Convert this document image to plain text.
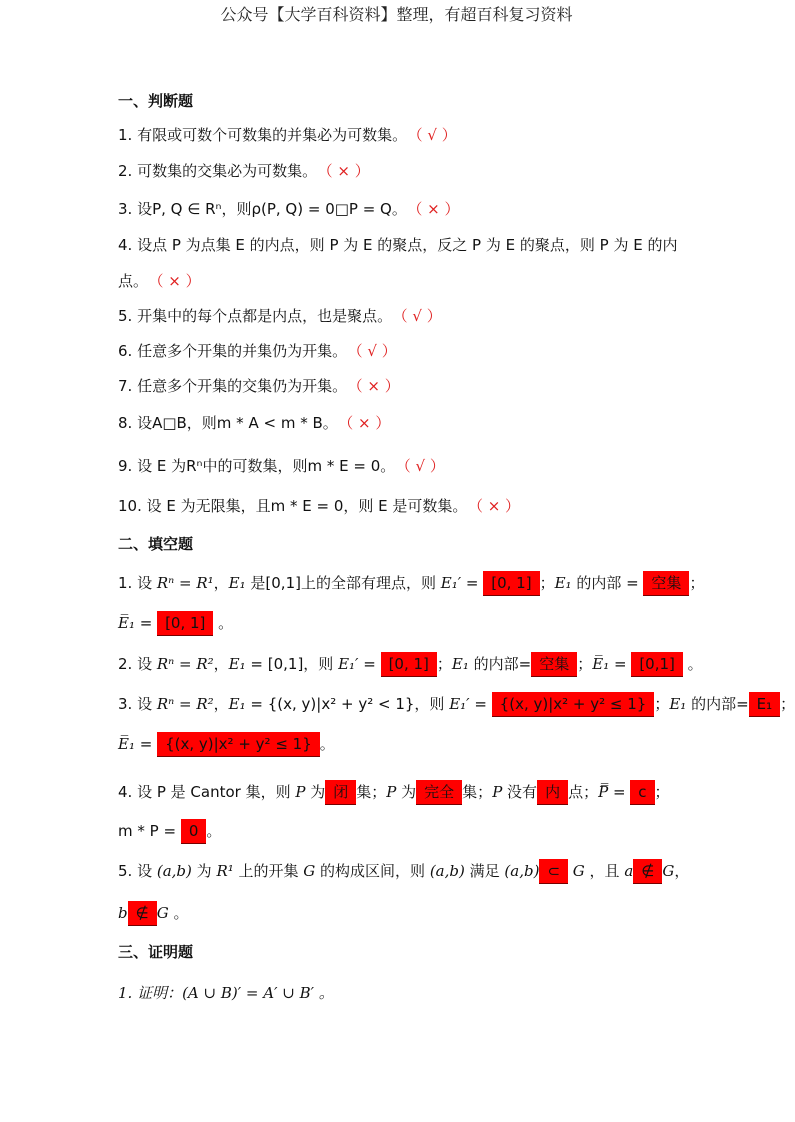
公众号【大学百科资料】整理，有超百科复习资料
一、判断题
1. 有限或可数个可数集的并集必为可数集。 （ √ ）
2. 可数集的交集必为可数集。 （ × ）
3. 设P, Q ∈ Rⁿ，则ρ(P, Q) = 0□P = Q。 （ × ）
4. 设点 P 为点集 E 的内点，则 P 为 E 的聚点，反之 P 为 E 的聚点，则 P 为 E 的内
点。 （ × ）
5. 开集中的每个点都是内点，也是聚点。 （ √ ）
6. 任意多个开集的并集仍为开集。 （ √ ）
7. 任意多个开集的交集仍为开集。 （ × ）
8. 设A□B，则m * A < m * B。 （ × ）
9. 设 E 为Rⁿ中的可数集，则m * E = 0。 （ √ ）
10. 设 E 为无限集，且m * E = 0，则 E 是可数集。 （ × ）
二、填空题
1. 设 Rⁿ = R¹，E₁ 是[0,1]上的全部有理点，则 E₁′ = [0, 1] ；E₁ 的内部 = 空集 ；
E̅₁ = [0, 1] 。
2. 设 Rⁿ = R²，E₁ = [0,1]，则 E₁′ = [0, 1] ；E₁ 的内部= 空集 ；E̅₁ = [0,1] 。
3. 设 Rⁿ = R²，E₁ = {(x, y)|x² + y² < 1}，则 E₁′ = {(x, y)|x² + y² ≤ 1} ；E₁ 的内部= E₁ ；
E̅₁ = {(x, y)|x² + y² ≤ 1} 。
4. 设 P 是 Cantor 集，则 P 为 闭 集；P 为 完全 集；P 没有 内 点；P̿ = c ；
m * P = 0 。
5. 设 (a,b) 为 R¹ 上的开集 G 的构成区间，则 (a,b) 满足 (a,b) ⊂ G ，且 a ∉ G，
b ∉ G 。
三、证明题
1. 证明：(A ∪ B)′ = A′ ∪ B′ 。
